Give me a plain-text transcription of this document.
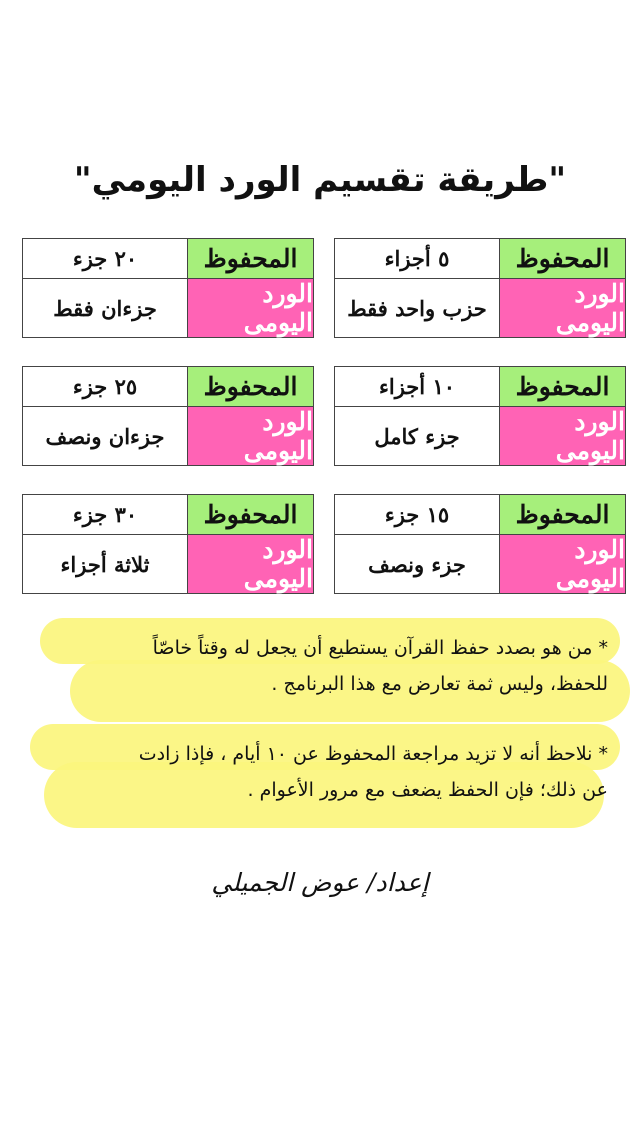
"طريقة تقسيم الورد اليومي"
المحفوظ
٥ أجزاء
الورد اليومى
حزب واحد فقط
المحفوظ
٢٠ جزء
الورد اليومى
جزءان فقط
المحفوظ
١٠ أجزاء
الورد اليومى
جزء كامل
المحفوظ
٢٥ جزء
الورد اليومى
جزءان ونصف
المحفوظ
١٥ جزء
الورد اليومى
جزء ونصف
المحفوظ
٣٠ جزء
الورد اليومى
ثلاثة أجزاء
* من هو بصدد حفظ القرآن يستطيع أن يجعل له وقتاً خاصّاً
للحفظ، وليس ثمة تعارض مع هذا البرنامج .
* نلاحظ أنه لا تزيد مراجعة المحفوظ عن ١٠ أيام ، فإذا زادت
عن ذلك؛ فإن الحفظ يضعف مع مرور الأعوام .
إعداد/ عوض الجميلي
